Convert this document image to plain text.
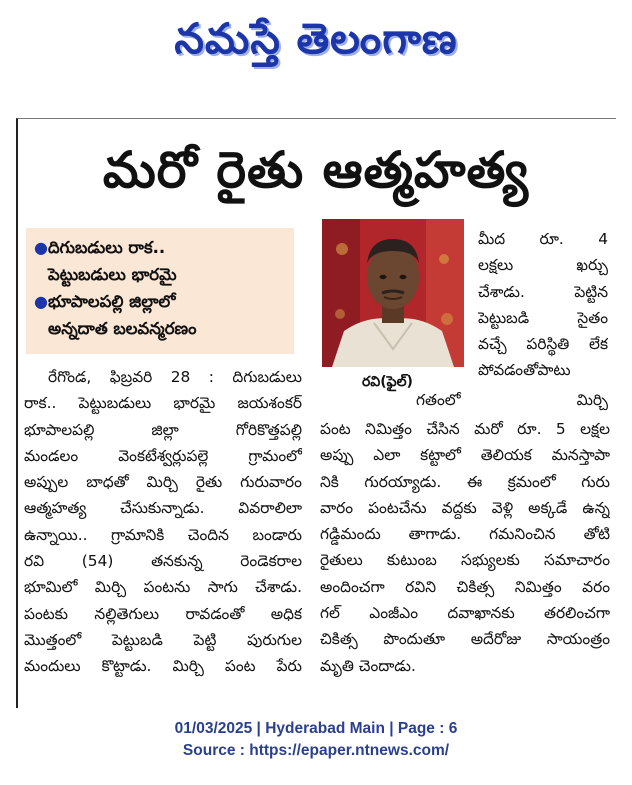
నమస్తే తెలంగాణ
మరో రైతు ఆత్మహత్య
● దిగుబడులు రాక..
పెట్టుబడులు భారమై
● భూపాలపల్లి జిల్లాలో
అన్నదాత బలవన్మరణం
రవి(ఫైల్)
మీద రూ. 4
లక్షలు ఖర్చు
చేశాడు. పెట్టిన
పెట్టుబడి సైతం
వచ్చే పరిస్థితి లేక
పోవడంతోపాటు
గతంలో మిర్చి
రేగొండ, ఫిబ్రవరి 28 : దిగుబడులు
రాక.. పెట్టుబడులు భారమై జయశంకర్
భూపాలపల్లి జిల్లా గోరికొత్తపల్లి
మండలం వెంకటేశ్వర్లుపల్లె గ్రామంలో
అప్పుల బాధతో మిర్చి రైతు గురువారం
ఆత్మహత్య చేసుకున్నాడు. వివరాలిలా
ఉన్నాయి.. గ్రామానికి చెందిన బండారు
రవి (54) తనకున్న రెండెకరాల
భూమిలో మిర్చి పంటను సాగు చేశాడు.
పంటకు నల్లితెగులు రావడంతో అధిక
మొత్తంలో పెట్టుబడి పెట్టి పురుగుల
మందులు కొట్టాడు. మిర్చి పంట పేరు
పంట నిమిత్తం చేసిన మరో రూ. 5 లక్షల
అప్పు ఎలా కట్టాలో తెలియక మనస్తాపా
నికి గురయ్యాడు. ఈ క్రమంలో గురు
వారం పంటచేను వద్దకు వెళ్లి అక్కడే ఉన్న
గడ్డిమందు తాగాడు. గమనించిన తోటి
రైతులు కుటుంబ సభ్యులకు సమాచారం
అందించగా రవిని చికిత్స నిమిత్తం వరం
గల్ ఎంజీఎం దవాఖానకు తరలించగా
చికిత్స పొందుతూ అదేరోజు సాయంత్రం
మృతి చెందాడు.
01/03/2025 | Hyderabad Main | Page : 6
Source : https://epaper.ntnews.com/
